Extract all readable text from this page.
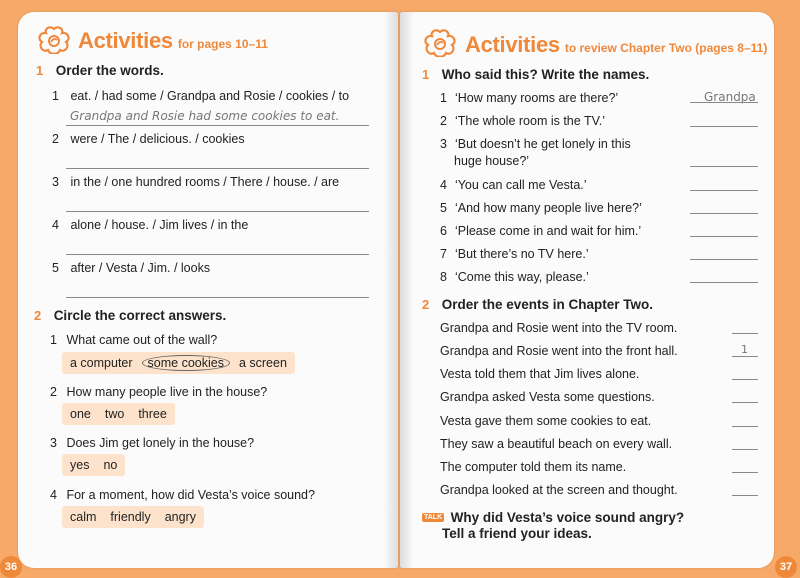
Activities for pages 10–11
1 Order the words.
1 eat. / had some / Grandpa and Rosie / cookies / to
Grandpa and Rosie had some cookies to eat.
2 were / The / delicious. / cookies
3 in the / one hundred rooms / There / house. / are
4 alone / house. / Jim lives / in the
5 after / Vesta / Jim. / looks
2 Circle the correct answers.
1 What came out of the wall?
a computer	some cookies	a screen
2 How many people live in the house?
one two three
3 Does Jim get lonely in the house?
yes no
4 For a moment, how did Vesta’s voice sound?
calm friendly angry
Activities to review Chapter Two (pages 8–11)
1 Who said this? Write the names.
1 ‘How many rooms are there?’	Grandpa
2 ‘The whole room is the TV.’
3 ‘But doesn’t he get lonely in this
huge house?’
4 ‘You can call me Vesta.’
5 ‘And how many people live here?’
6 ‘Please come in and wait for him.’
7 ‘But there’s no TV here.’
8 ‘Come this way, please.’
2 Order the events in Chapter Two.
Grandpa and Rosie went into the TV room.
Grandpa and Rosie went into the front hall.	1
Vesta told them that Jim lives alone.
Grandpa asked Vesta some questions.
Vesta gave them some cookies to eat.
They saw a beautiful beach on every wall.
The computer told them its name.
Grandpa looked at the screen and thought.
TALK Why did Vesta’s voice sound angry?
Tell a friend your ideas.
36	37
